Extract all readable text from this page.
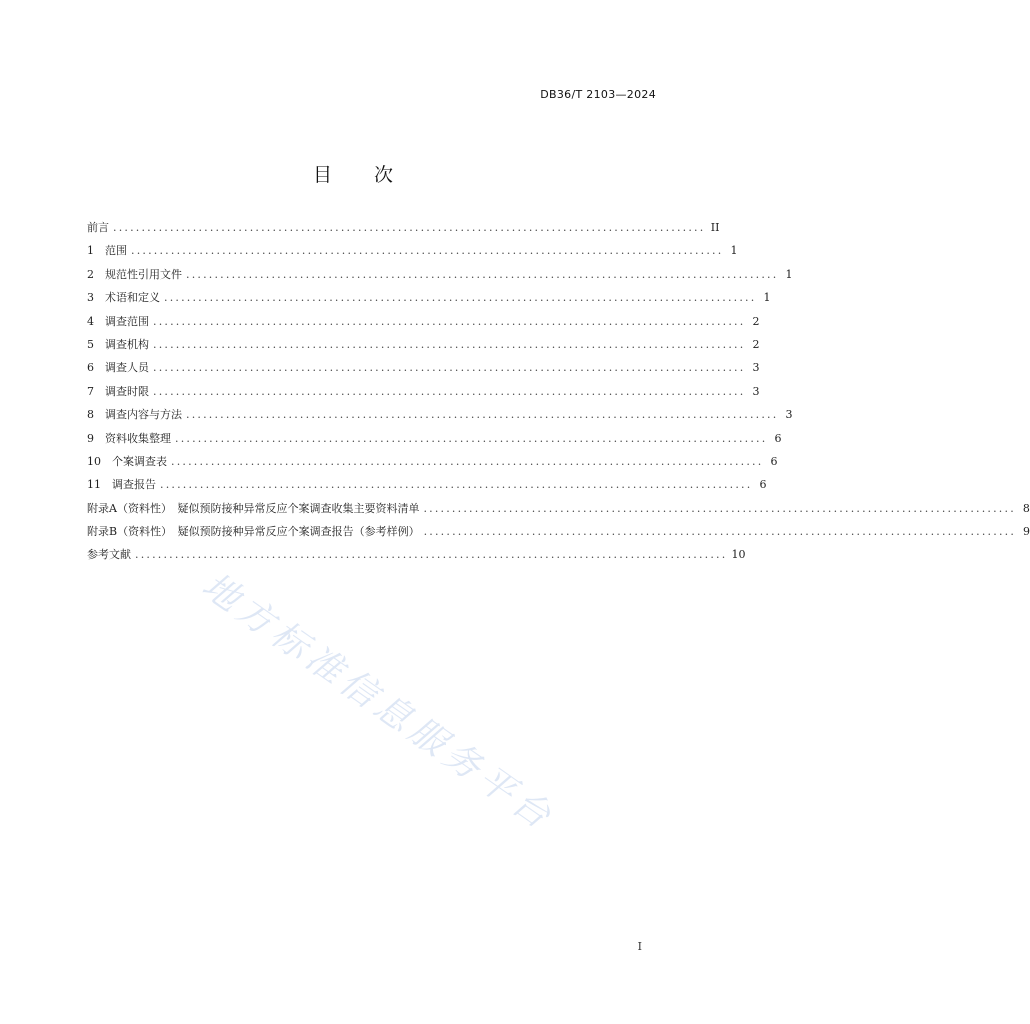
DB36/T 2103—2024
目 次
前言 ........................................................................................................ II
1　范围 ........................................................................................................ 1
2　规范性引用文件 ........................................................................................................ 1
3　术语和定义 ........................................................................................................ 1
4　调查范围 ........................................................................................................ 2
5　调查机构 ........................................................................................................ 2
6　调查人员 ........................................................................................................ 3
7　调查时限 ........................................................................................................ 3
8　调查内容与方法 ........................................................................................................ 3
9　资料收集整理 ........................................................................................................ 6
10　个案调查表 ........................................................................................................ 6
11　调查报告 ........................................................................................................ 6
附录A（资料性）　疑似预防接种异常反应个案调查收集主要资料清单 ........................................................................................................ 8
附录B（资料性）　疑似预防接种异常反应个案调查报告（参考样例） ........................................................................................................ 9
参考文献 ........................................................................................................ 10
地方标准信息服务平台
I
